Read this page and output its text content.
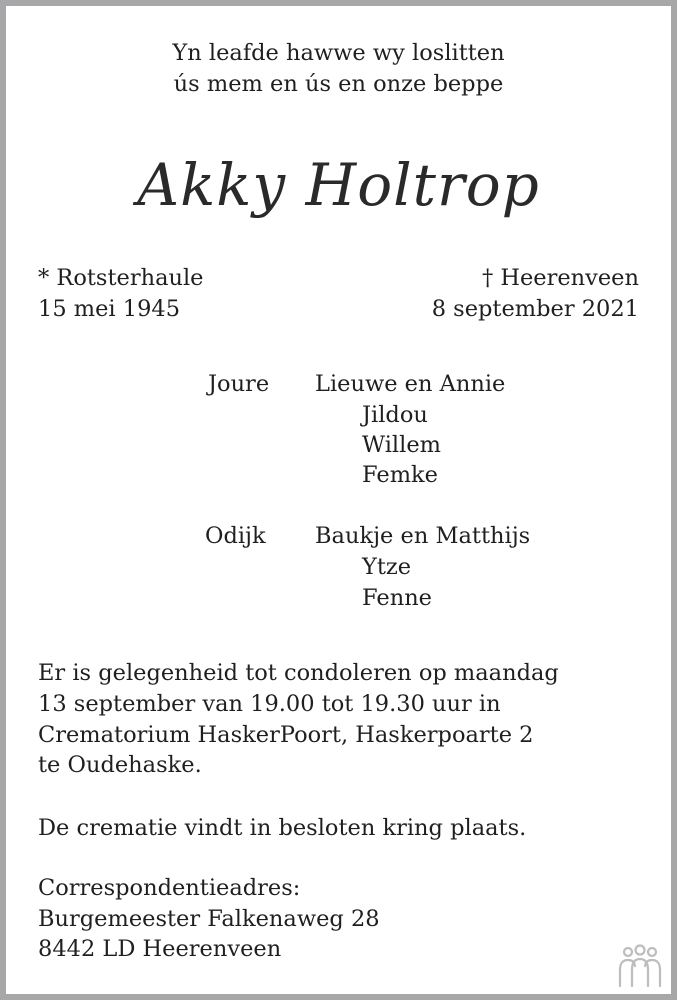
Yn leafde hawwe wy loslitten
ús mem en ús en onze beppe
Akky Holtrop
* Rotsterhaule
15 mei 1945
† Heerenveen
8 september 2021
Joure Lieuwe en Annie
Jildou
Willem
Femke
Odijk Baukje en Matthijs
Ytze
Fenne
Er is gelegenheid tot condoleren op maandag
13 september van 19.00 tot 19.30 uur in
Crematorium HaskerPoort, Haskerpoarte 2
te Oudehaske.
De crematie vindt in besloten kring plaats.
Correspondentieadres:
Burgemeester Falkenaweg 28
8442 LD Heerenveen
